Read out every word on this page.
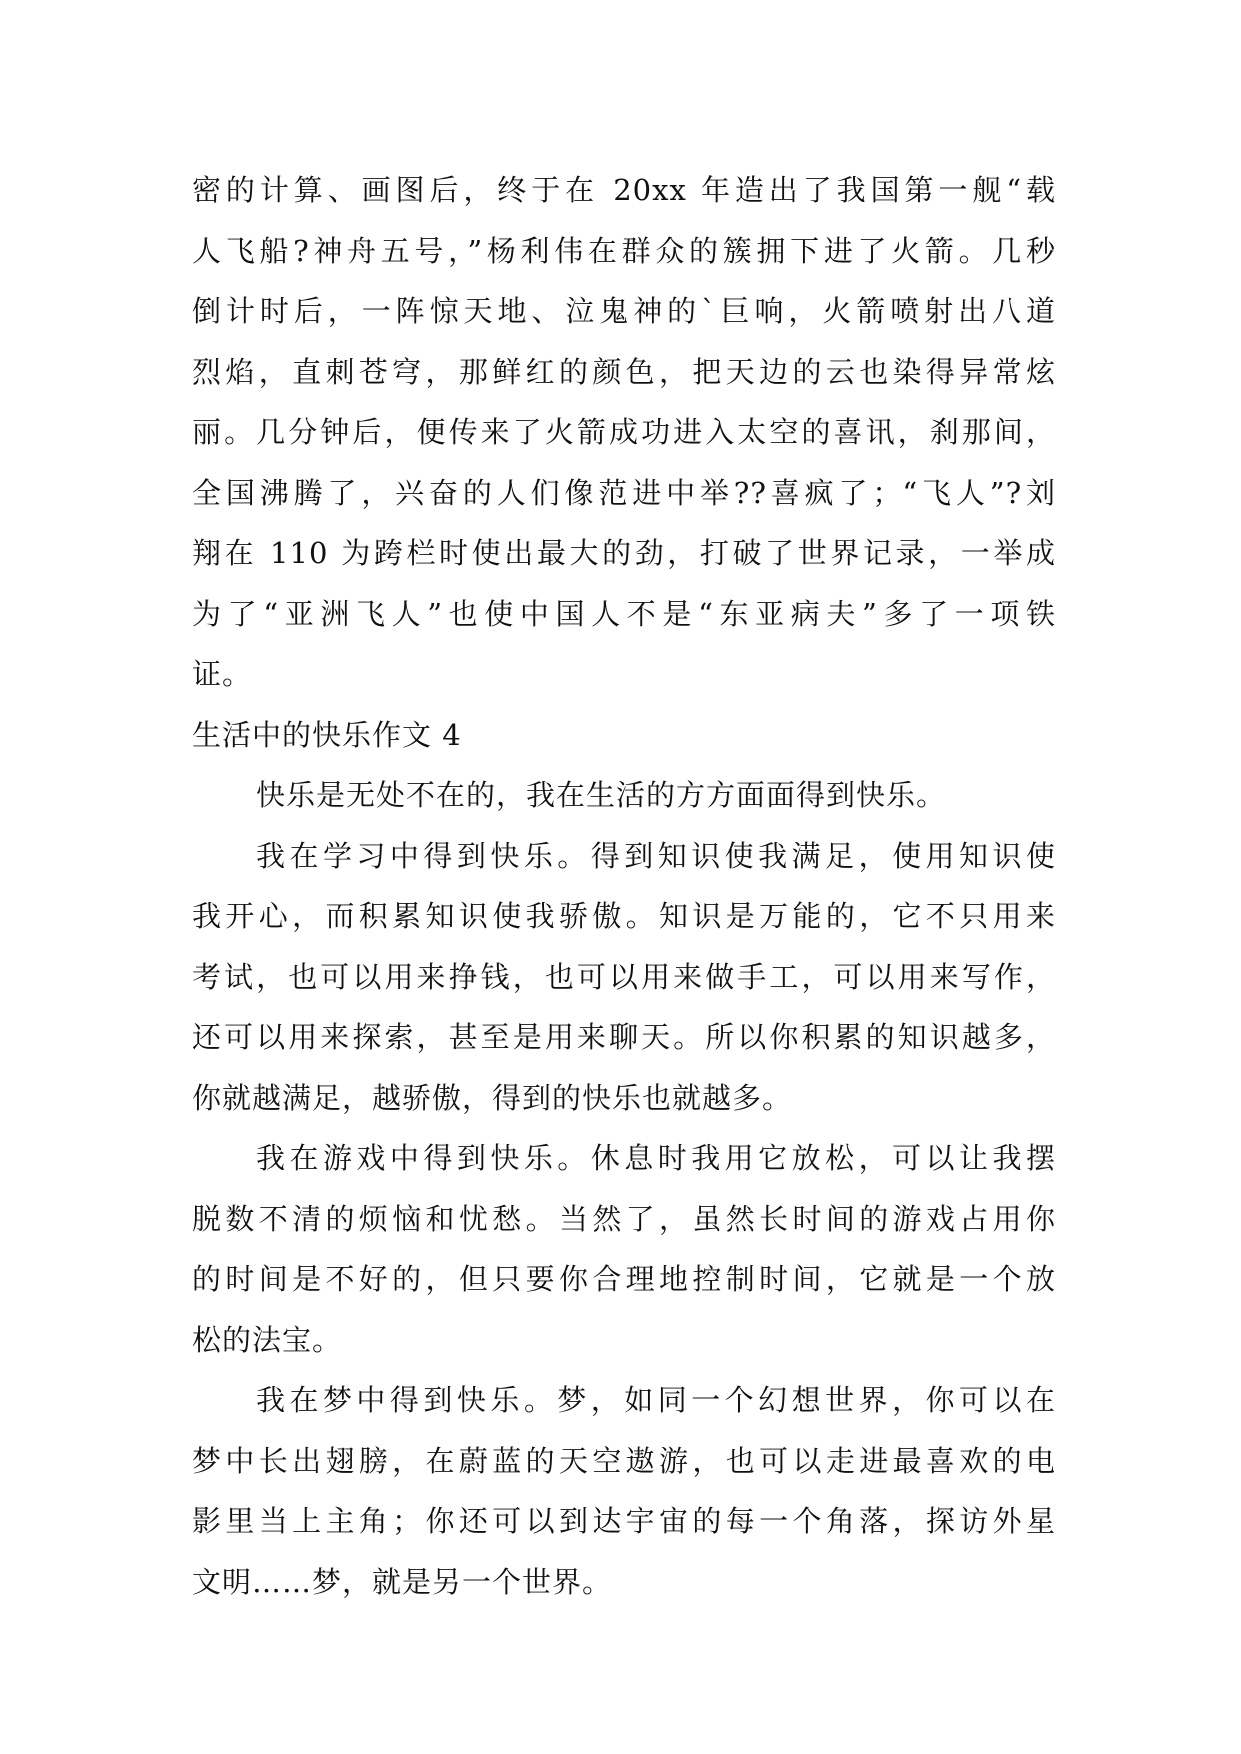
密的计算、画图后，终于在 20xx 年造出了我国第一舰“载
人飞船?神舟五号，”杨利伟在群众的簇拥下进了火箭。几秒
倒计时后，一阵惊天地、泣鬼神的`巨响，火箭喷射出八道
烈焰，直刺苍穹，那鲜红的颜色，把天边的云也染得异常炫
丽。几分钟后，便传来了火箭成功进入太空的喜讯，刹那间，
全国沸腾了，兴奋的人们像范进中举??喜疯了；“飞人”?刘
翔在 110 为跨栏时使出最大的劲，打破了世界记录，一举成
为了“亚洲飞人”也使中国人不是“东亚病夫”多了一项铁
证。
生活中的快乐作文 4
快乐是无处不在的，我在生活的方方面面得到快乐。
我在学习中得到快乐。得到知识使我满足，使用知识使
我开心，而积累知识使我骄傲。知识是万能的，它不只用来
考试，也可以用来挣钱，也可以用来做手工，可以用来写作，
还可以用来探索，甚至是用来聊天。所以你积累的知识越多，
你就越满足，越骄傲，得到的快乐也就越多。
我在游戏中得到快乐。休息时我用它放松，可以让我摆
脱数不清的烦恼和忧愁。当然了，虽然长时间的游戏占用你
的时间是不好的，但只要你合理地控制时间，它就是一个放
松的法宝。
我在梦中得到快乐。梦，如同一个幻想世界，你可以在
梦中长出翅膀，在蔚蓝的天空遨游，也可以走进最喜欢的电
影里当上主角；你还可以到达宇宙的每一个角落，探访外星
文明……梦，就是另一个世界。
